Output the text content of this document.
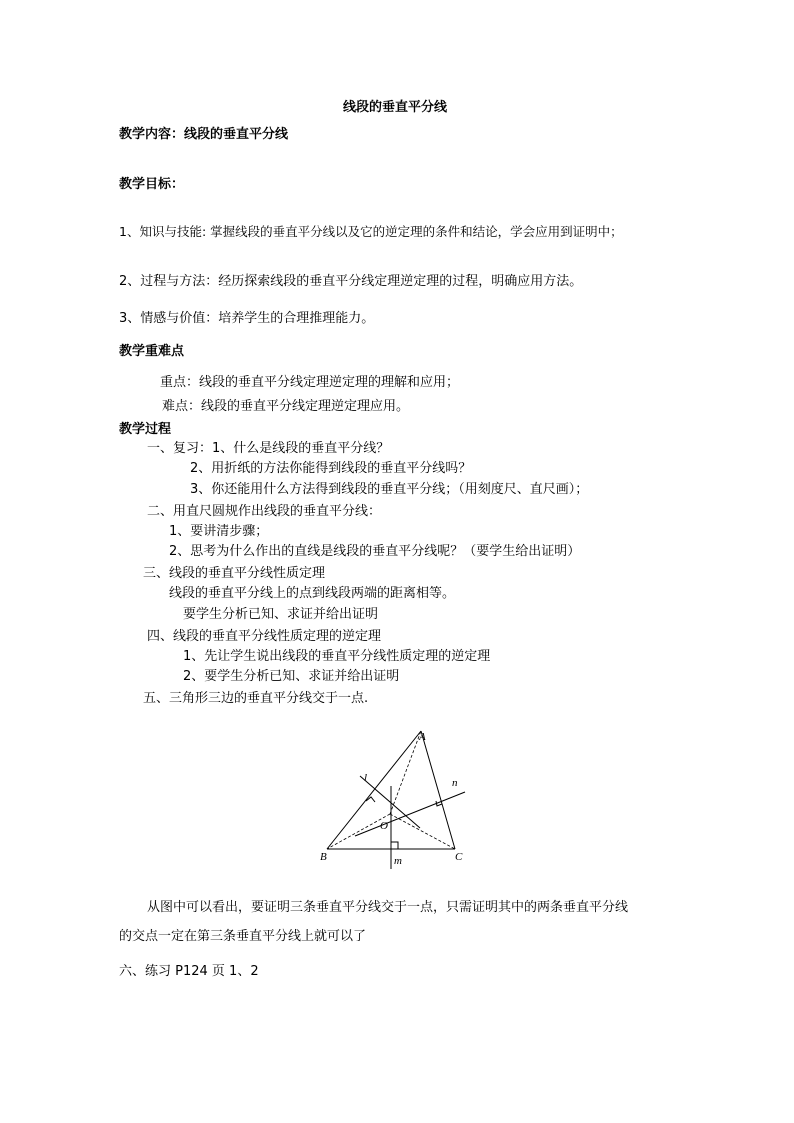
线段的垂直平分线
教学内容：线段的垂直平分线
教学目标：
1、知识与技能: 掌握线段的垂直平分线以及它的逆定理的条件和结论，学会应用到证明中；
2、过程与方法：经历探索线段的垂直平分线定理逆定理的过程，明确应用方法。
3、情感与价值：培养学生的合理推理能力。
教学重难点
重点：线段的垂直平分线定理逆定理的理解和应用；
难点：线段的垂直平分线定理逆定理应用。
教学过程
一、复习：1、什么是线段的垂直平分线？
2、用折纸的方法你能得到线段的垂直平分线吗？
3、你还能用什么方法得到线段的垂直平分线；（用刻度尺、直尺画）；
二、用直尺圆规作出线段的垂直平分线：
1、要讲清步骤；
2、思考为什么作出的直线是线段的垂直平分线呢？（要学生给出证明）
三、线段的垂直平分线性质定理
线段的垂直平分线上的点到线段两端的距离相等。
要学生分析已知、求证并给出证明
四、线段的垂直平分线性质定理的逆定理
1、先让学生说出线段的垂直平分线性质定理的逆定理
2、要学生分析已知、求证并给出证明
五、三角形三边的垂直平分线交于一点.
A
B	C
O
l
m
n
从图中可以看出，要证明三条垂直平分线交于一点，只需证明其中的两条垂直平分线
的交点一定在第三条垂直平分线上就可以了
六、练习 P124 页 1、2
